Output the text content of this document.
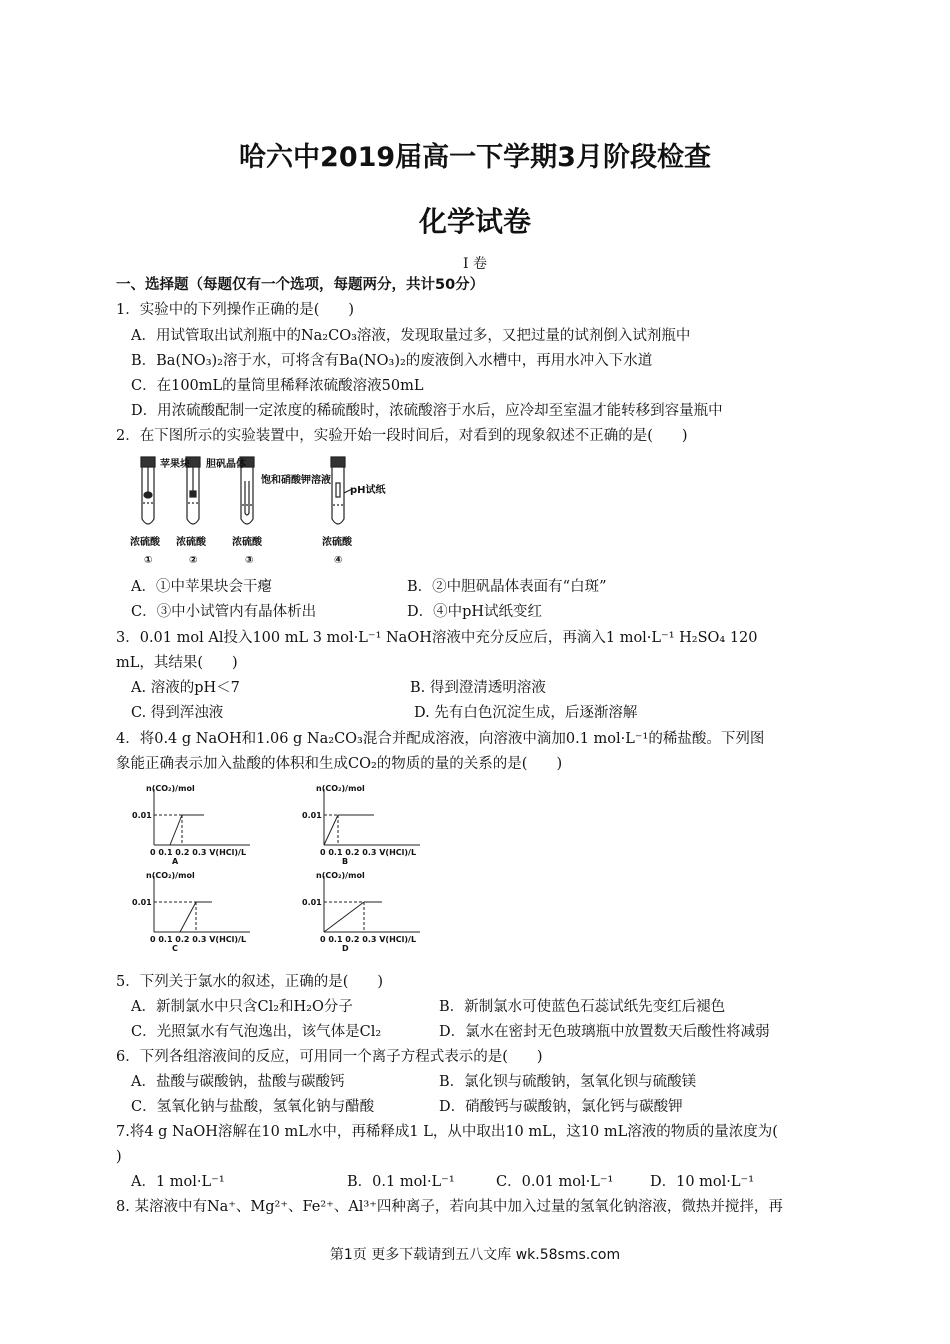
哈六中2019届高一下学期3月阶段检查
化学试卷
I 卷
一、选择题（每题仅有一个选项，每题两分，共计50分）
1．实验中的下列操作正确的是(　　)
A．用试管取出试剂瓶中的Na₂CO₃溶液，发现取量过多，又把过量的试剂倒入试剂瓶中
B．Ba(NO₃)₂溶于水，可将含有Ba(NO₃)₂的废液倒入水槽中，再用水冲入下水道
C．在100mL的量筒里稀释浓硫酸溶液50mL
D．用浓硫酸配制一定浓度的稀硫酸时，浓硫酸溶于水后，应冷却至室温才能转移到容量瓶中
2．在下图所示的实验装置中，实验开始一段时间后，对看到的现象叙述不正确的是(　　)
苹果块 胆矾晶体
饱和硝酸钾溶液
pH试纸
浓硫酸 浓硫酸	浓硫酸	浓硫酸
①	②	③	④
A．①中苹果块会干瘪	B．②中胆矾晶体表面有“白斑”
C．③中小试管内有晶体析出	D．④中pH试纸变红
3．0.01 mol Al投入100 mL 3 mol·L⁻¹ NaOH溶液中充分反应后，再滴入1 mol·L⁻¹ H₂SO₄ 120
mL，其结果(　　)
A. 溶液的pH＜7	B. 得到澄清透明溶液
C. 得到浑浊液	D. 先有白色沉淀生成，后逐渐溶解
4．将0.4 g NaOH和1.06 g Na₂CO₃混合并配成溶液，向溶液中滴加0.1 mol·L⁻¹的稀盐酸。下列图
象能正确表示加入盐酸的体积和生成CO₂的物质的量的关系的是(　　)
n(CO₂)/mol
0.01
0 0.1 0.2 0.3 V(HCl)/L
A
n(CO₂)/mol
0.01
0 0.1 0.2 0.3 V(HCl)/L
B
n(CO₂)/mol
0.01
0 0.1 0.2 0.3 V(HCl)/L
C
n(CO₂)/mol
0.01
0 0.1 0.2 0.3 V(HCl)/L
D
5．下列关于氯水的叙述，正确的是(　　)
A．新制氯水中只含Cl₂和H₂O分子	B．新制氯水可使蓝色石蕊试纸先变红后褪色
C．光照氯水有气泡逸出，该气体是Cl₂	D．氯水在密封无色玻璃瓶中放置数天后酸性将减弱
6．下列各组溶液间的反应，可用同一个离子方程式表示的是(　　)
A．盐酸与碳酸钠，盐酸与碳酸钙	B．氯化钡与硫酸钠，氢氧化钡与硫酸镁
C．氢氧化钠与盐酸，氢氧化钠与醋酸	D．硝酸钙与碳酸钠，氯化钙与碳酸钾
7.将4 g NaOH溶解在10 mL水中，再稀释成1 L，从中取出10 mL，这10 mL溶液的物质的量浓度为(
)
A．1 mol·L⁻¹	B．0.1 mol·L⁻¹	C．0.01 mol·L⁻¹	D．10 mol·L⁻¹
8. 某溶液中有Na⁺、Mg²⁺、Fe²⁺、Al³⁺四种离子，若向其中加入过量的氢氧化钠溶液，微热并搅拌，再
第1页 更多下载请到五八文库 wk.58sms.com
